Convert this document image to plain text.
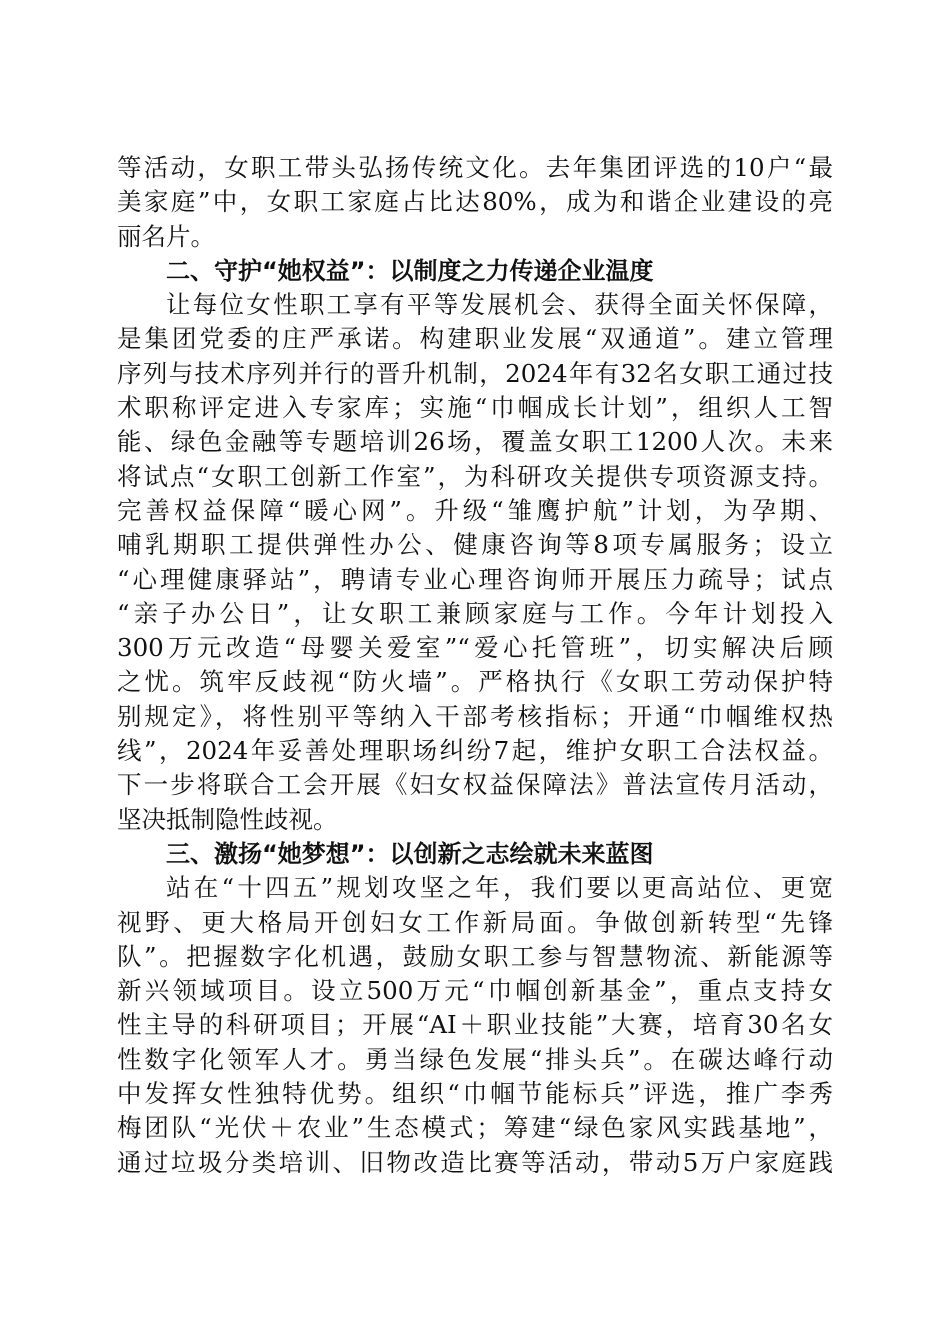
等活动，女职工带头弘扬传统文化。去年集团评选的10户“最
美家庭”中，女职工家庭占比达80%，成为和谐企业建设的亮
丽名片。
二、守护“她权益”：以制度之力传递企业温度
让每位女性职工享有平等发展机会、获得全面关怀保障，
是集团党委的庄严承诺。构建职业发展“双通道”。建立管理
序列与技术序列并行的晋升机制，2024年有32名女职工通过技
术职称评定进入专家库；实施“巾帼成长计划”，组织人工智
能、绿色金融等专题培训26场，覆盖女职工1200人次。未来
将试点“女职工创新工作室”，为科研攻关提供专项资源支持。
完善权益保障“暖心网”。升级“雏鹰护航”计划，为孕期、
哺乳期职工提供弹性办公、健康咨询等8项专属服务；设立
“心理健康驿站”，聘请专业心理咨询师开展压力疏导；试点
“亲子办公日”，让女职工兼顾家庭与工作。今年计划投入
300万元改造“母婴关爱室”“爱心托管班”，切实解决后顾
之忧。筑牢反歧视“防火墙”。严格执行《女职工劳动保护特
别规定》，将性别平等纳入干部考核指标；开通“巾帼维权热
线”，2024年妥善处理职场纠纷7起，维护女职工合法权益。
下一步将联合工会开展《妇女权益保障法》普法宣传月活动，
坚决抵制隐性歧视。
三、激扬“她梦想”：以创新之志绘就未来蓝图
站在“十四五”规划攻坚之年，我们要以更高站位、更宽
视野、更大格局开创妇女工作新局面。争做创新转型“先锋
队”。把握数字化机遇，鼓励女职工参与智慧物流、新能源等
新兴领域项目。设立500万元“巾帼创新基金”，重点支持女
性主导的科研项目；开展“AI＋职业技能”大赛，培育30名女
性数字化领军人才。勇当绿色发展“排头兵”。在碳达峰行动
中发挥女性独特优势。组织“巾帼节能标兵”评选，推广李秀
梅团队“光伏＋农业”生态模式；筹建“绿色家风实践基地”，
通过垃圾分类培训、旧物改造比赛等活动，带动5万户家庭践
